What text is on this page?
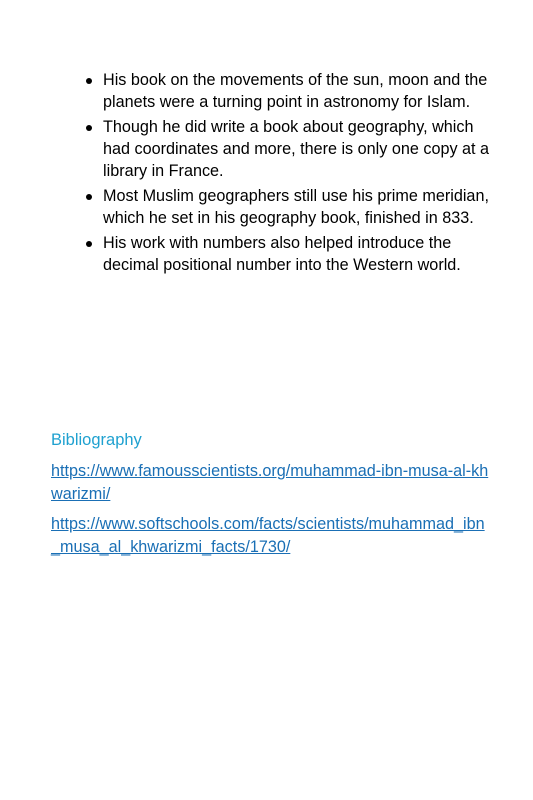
His book on the movements of the sun, moon and the planets were a turning point in astronomy for Islam.
Though he did write a book about geography, which had coordinates and more, there is only one copy at a library in France.
Most Muslim geographers still use his prime meridian, which he set in his geography book, finished in 833.
His work with numbers also helped introduce the decimal positional number into the Western world.
Bibliography
https://www.famousscientists.org/muhammad-ibn-musa-al-khwarizmi/
https://www.softschools.com/facts/scientists/muhammad_ibn_musa_al_khwarizmi_facts/1730/
